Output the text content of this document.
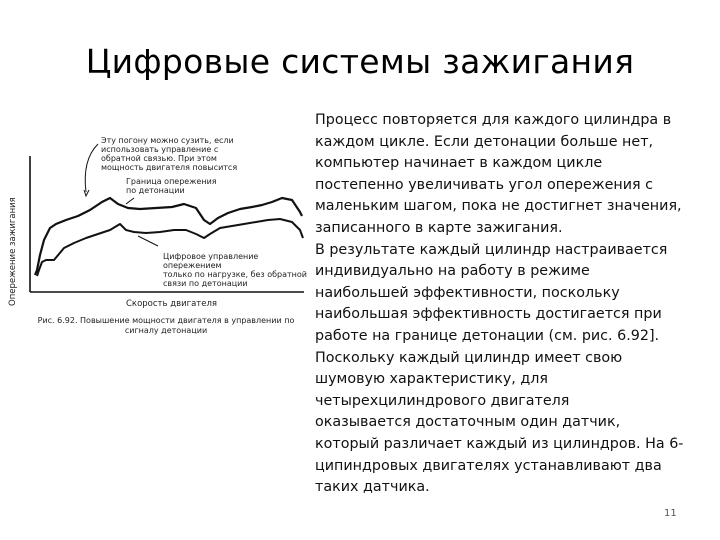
Цифровые системы зажигания
Опережение зажигания
Эту погону можно сузить, если
использовать управление с
обратной связью. При этом
мощность двигателя повысится
Граница опережения
по детонации
Цифровое управление опережением
только по нагрузке, без обратной
связи по детонации
Скорость двигателя
Рис. 6.92. Повышение мощности двигателя в управлении по
сигналу детонации
Процесс повторяется для каждого цилиндра в
каждом цикле. Если детонации больше нет,
компьютер начинает в каждом цикле
постепенно увеличивать угол опережения с
маленьким шагом, пока не достигнет значения,
записанного в карте зажигания.
В результате каждый цилиндр настраивается
индивидуально на работу в режиме
наибольшей эффективности, поскольку
наибольшая эффективность достигается при
работе на границе детонации (см. рис. 6.92].
Поскольку каждый цилиндр имеет свою
шумовую характеристику, для
четырехцилиндрового двигателя
оказывается достаточным один датчик,
который различает каждый из цилиндров. На 6-
ципиндровых двигателях устанавливают два
таких датчика.
11
